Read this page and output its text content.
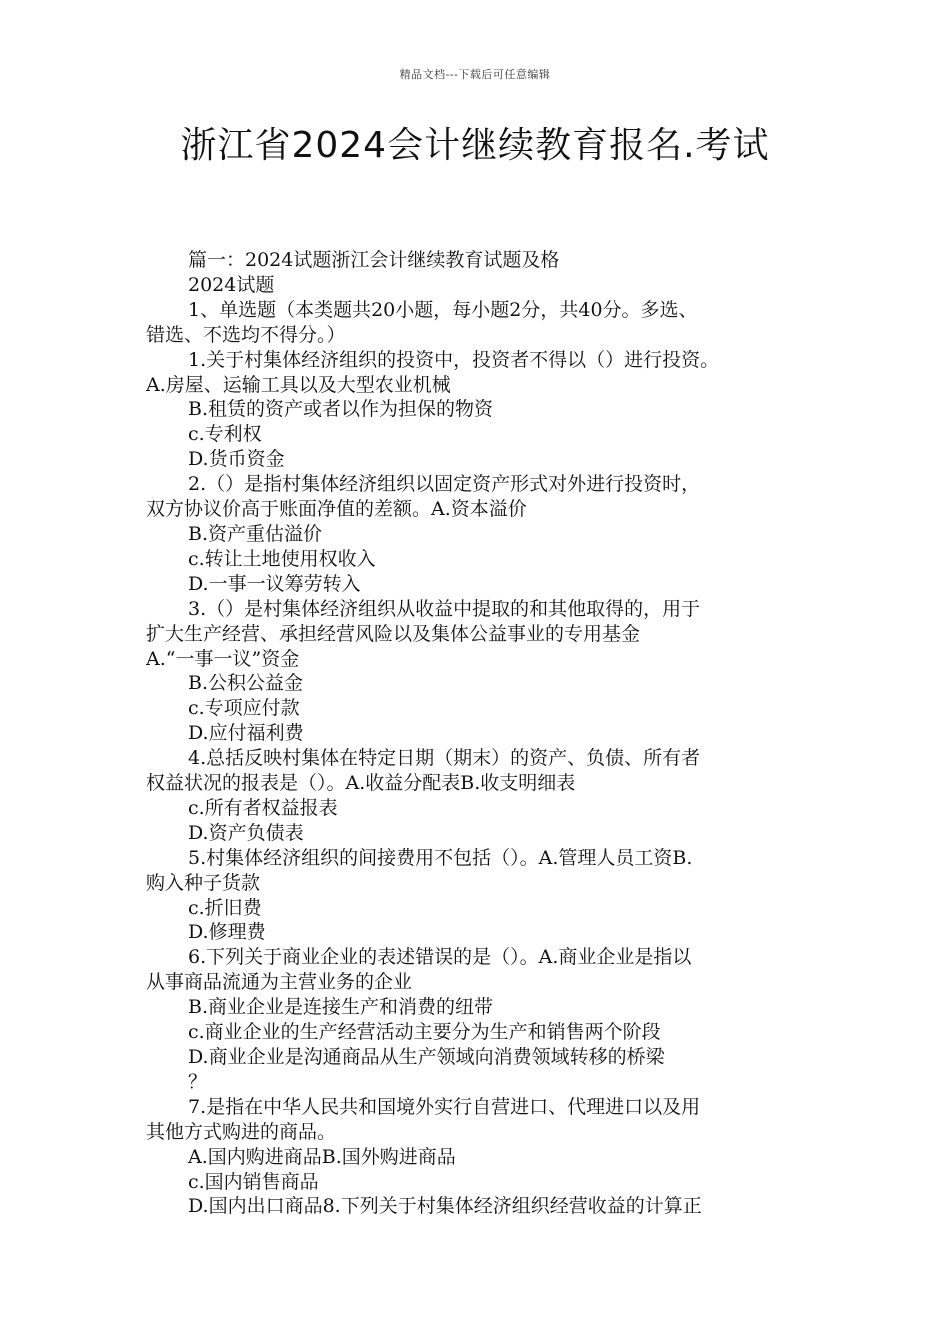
精品文档---下载后可任意编辑
浙江省2024会计继续教育报名.考试
篇一：2024试题浙江会计继续教育试题及格
2024试题
1、单选题（本类题共20小题，每小题2分，共40分。多选、
错选、不选均不得分。）
1.关于村集体经济组织的投资中，投资者不得以（）进行投资。
A.房屋、运输工具以及大型农业机械
B.租赁的资产或者以作为担保的物资
c.专利权
D.货币资金
2.（）是指村集体经济组织以固定资产形式对外进行投资时，
双方协议价高于账面净值的差额。A.资本溢价
B.资产重估溢价
c.转让土地使用权收入
D.一事一议筹劳转入
3.（）是村集体经济组织从收益中提取的和其他取得的，用于
扩大生产经营、承担经营风险以及集体公益事业的专用基金
A.“一事一议”资金
B.公积公益金
c.专项应付款
D.应付福利费
4.总括反映村集体在特定日期（期末）的资产、负债、所有者
权益状况的报表是（）。A.收益分配表B.收支明细表
c.所有者权益报表
D.资产负债表
5.村集体经济组织的间接费用不包括（）。A.管理人员工资B.
购入种子货款
c.折旧费
D.修理费
6.下列关于商业企业的表述错误的是（）。A.商业企业是指以
从事商品流通为主营业务的企业
B.商业企业是连接生产和消费的纽带
c.商业企业的生产经营活动主要分为生产和销售两个阶段
D.商业企业是沟通商品从生产领域向消费领域转移的桥梁
？
7.是指在中华人民共和国境外实行自营进口、代理进口以及用
其他方式购进的商品。
A.国内购进商品B.国外购进商品
c.国内销售商品
D.国内出口商品8.下列关于村集体经济组织经营收益的计算正
